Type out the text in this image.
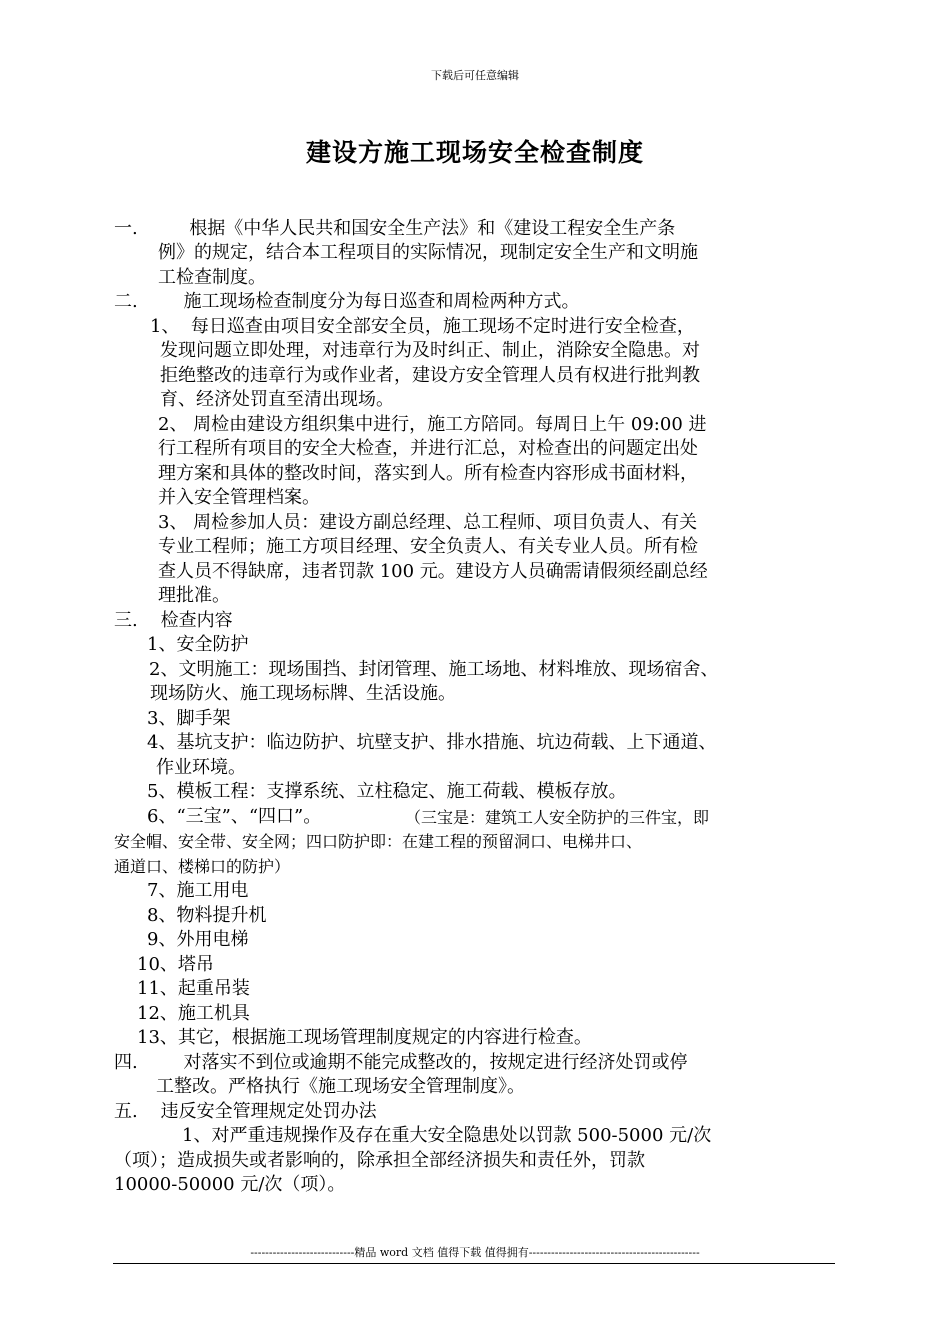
下载后可任意编辑
建设方施工现场安全检查制度
一.         根据《中华人民共和国安全生产法》和《建设工程安全生产条
例》的规定，结合本工程项目的实际情况，现制定安全生产和文明施
工检查制度。
二.        施工现场检查制度分为每日巡查和周检两种方式。
1、  每日巡查由项目安全部安全员，施工现场不定时进行安全检查，
发现问题立即处理，对违章行为及时纠正、制止，消除安全隐患。对
拒绝整改的违章行为或作业者，建设方安全管理人员有权进行批判教
育、经济处罚直至清出现场。
2、 周检由建设方组织集中进行，施工方陪同。每周日上午 09:00 进
行工程所有项目的安全大检查，并进行汇总，对检查出的问题定出处
理方案和具体的整改时间，落实到人。所有检查内容形成书面材料，
并入安全管理档案。
3、 周检参加人员：建设方副总经理、总工程师、项目负责人、有关
专业工程师；施工方项目经理、安全负责人、有关专业人员。所有检
查人员不得缺席，违者罚款 100 元。建设方人员确需请假须经副总经
理批准。
三.    检查内容
1、安全防护
2、文明施工：现场围挡、封闭管理、施工场地、材料堆放、现场宿舍、
现场防火、施工现场标牌、生活设施。
3、脚手架
4、基坑支护：临边防护、坑壁支护、排水措施、坑边荷载、上下通道、
作业环境。
5、模板工程：支撑系统、立柱稳定、施工荷载、模板存放。
6、“三宝”、“四口”。	（三宝是：建筑工人安全防护的三件宝，即
安全帽、安全带、安全网；四口防护即：在建工程的预留洞口、电梯井口、
通道口、楼梯口的防护）
7、施工用电
8、物料提升机
9、外用电梯
10、塔吊
11、起重吊装
12、施工机具
13、其它，根据施工现场管理制度规定的内容进行检查。
四.        对落实不到位或逾期不能完成整改的，按规定进行经济处罚或停
工整改。严格执行《施工现场安全管理制度》。
五.    违反安全管理规定处罚办法
1、对严重违规操作及存在重大安全隐患处以罚款 500-5000 元/次
（项）；造成损失或者影响的，除承担全部经济损失和责任外，罚款
10000-50000 元/次（项）。
----------------------------精品 word 文档 值得下载 值得拥有----------------------------------------------
